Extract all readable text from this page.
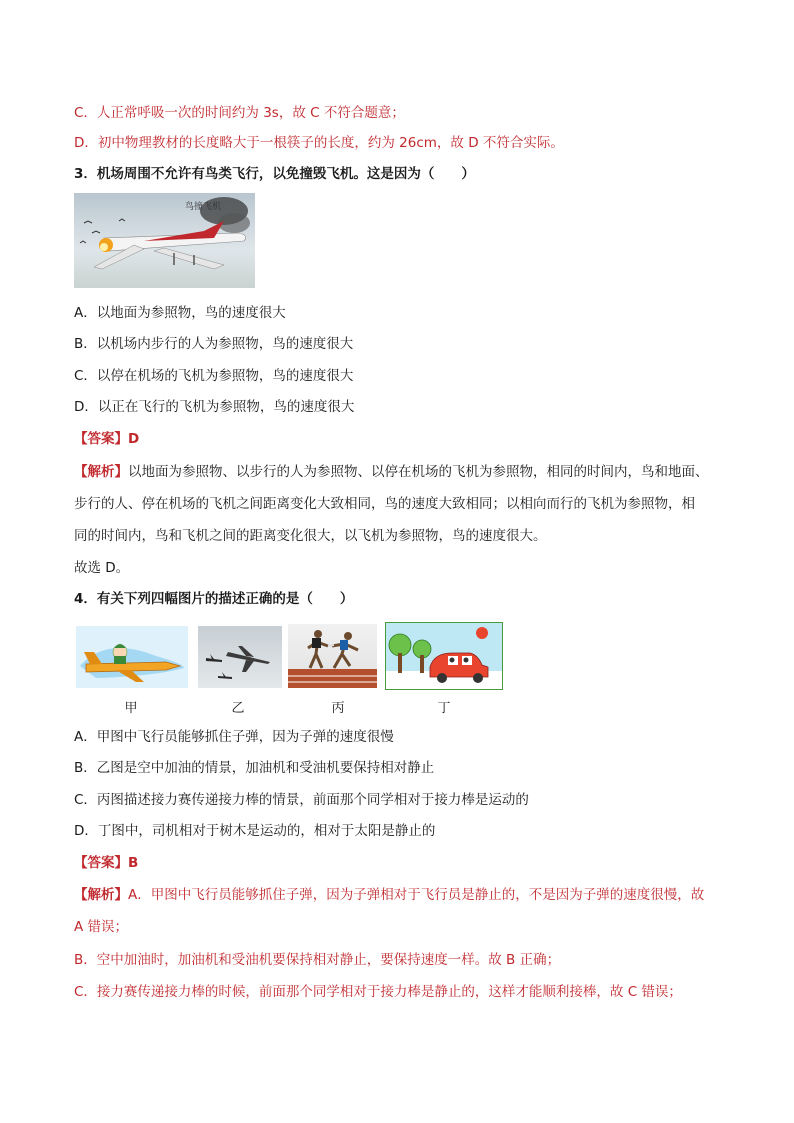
C．人正常呼吸一次的时间约为 3s，故 C 不符合题意；
D．初中物理教材的长度略大于一根筷子的长度，约为 26cm，故 D 不符合实际。
3．机场周围不允许有鸟类飞行，以免撞毁飞机。这是因为（　　）
鸟撞飞机
A．以地面为参照物，鸟的速度很大
B．以机场内步行的人为参照物，鸟的速度很大
C．以停在机场的飞机为参照物，鸟的速度很大
D．以正在飞行的飞机为参照物，鸟的速度很大
【答案】D
【解析】以地面为参照物、以步行的人为参照物、以停在机场的飞机为参照物，相同的时间内，鸟和地面、
步行的人、停在机场的飞机之间距离变化大致相同，鸟的速度大致相同；以相向而行的飞机为参照物，相
同的时间内，鸟和飞机之间的距离变化很大，以飞机为参照物，鸟的速度很大。
故选 D。
4．有关下列四幅图片的描述正确的是（　　）
甲	乙	丙	丁
A．甲图中飞行员能够抓住子弹，因为子弹的速度很慢
B．乙图是空中加油的情景，加油机和受油机要保持相对静止
C．丙图描述接力赛传递接力棒的情景，前面那个同学相对于接力棒是运动的
D．丁图中，司机相对于树木是运动的，相对于太阳是静止的
【答案】B
【解析】A．甲图中飞行员能够抓住子弹，因为子弹相对于飞行员是静止的，不是因为子弹的速度很慢，故
A 错误；
B．空中加油时，加油机和受油机要保持相对静止，要保持速度一样。故 B 正确；
C．接力赛传递接力棒的时候，前面那个同学相对于接力棒是静止的，这样才能顺利接棒，故 C 错误；
